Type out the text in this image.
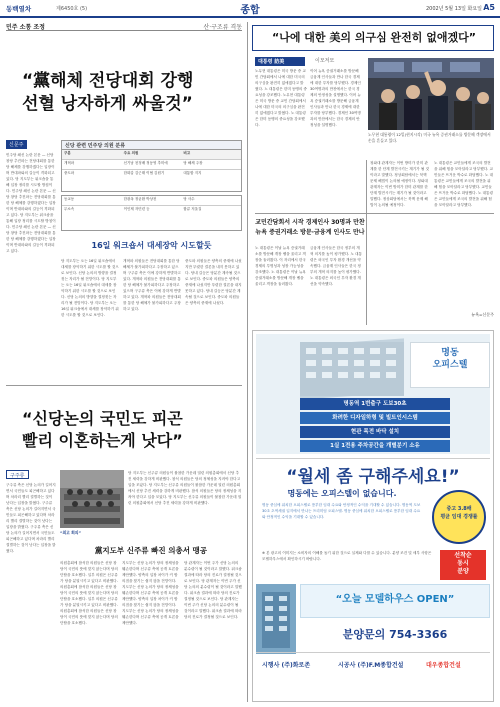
동백열차	제6450호 (5)	종합	2002년 5월 13일 화요일 A5
민주 소통 조정	산·구조류 격동
“黨해체 전당대회 강행
선혈 낭자하게 싸울것”
신문주
민주당 쇄신 논란 본문 — 신당 창당 추진파는 전당대회를 통한 당 해체를 강행하겠다는 입장이며 반대파와의 갈등이 격화되고 있다. 당 지도부는 워크숍을 통해 입장 정리를 시도할 방침이다. 민주당 쇄신 논란 본문 — 신당 창당 추진파는 전당대회를 통한 당 해체를 강행하겠다는 입장이며 반대파와의 갈등이 격화되고 있다. 당 지도부는 워크숍을 통해 입장 정리를 시도할 방침이다. 민주당 쇄신 논란 본문 — 신당 창당 추진파는 전당대회를 통한 당 해체를 강행하겠다는 입장이며 반대파와의 갈등이 격화되고 있다.
신당 관련 민주당 의원 분류
구분	주요 의원	비고
개혁파	신기남 천정배 정동영 추미애	당 해체 주장
중도파	한화갑 김근태 이협 김원기	대통합 지지
동교동	한광옥 정균환 박상천	당 사수
무소속	이인제 자민련 등	합류 저울질
16일 워크숍서 대세장악 시도할듯
당 지도부는 오는 16일 워크숍에서 대세를 장악하기 위한 시도를 할 것으로 보인다. 신당 논의의 방향을 결정짓는 자리가 될 전망이다. 당 지도부는 오는 16일 워크숍에서 대세를 장악하기 위한 시도를 할 것으로 보인다. 신당 논의의 방향을 결정짓는 자리가 될 전망이다. 당 지도부는 오는 16일 워크숍에서 대세를 장악하기 위한 시도를 할 것으로 보인다.
개혁파 의원들은 전당대회를 통한 당 해체가 불가피하다고 주장하고 있으며 구주류 측은 이에 강하게 반발하고 있다. 개혁파 의원들은 전당대회를 통한 당 해체가 불가피하다고 주장하고 있으며 구주류 측은 이에 강하게 반발하고 있다. 개혁파 의원들은 전당대회를 통한 당 해체가 불가피하다고 주장하고 있다.
중도파 의원들은 양측의 중재에 나섰지만 뚜렷한 결론을 내지 못하고 있다. 당내 갈등은 당분간 계속될 것으로 보인다. 중도파 의원들은 양측의 중재에 나섰지만 뚜렷한 결론을 내지 못하고 있다. 당내 갈등은 당분간 계속될 것으로 보인다. 중도파 의원들은 양측의 중재에 나섰다.
“신당논의 국민도 피곤
빨리 이혼하는게 낫다”
구주류
구주류 측은 신당 논의가 길어지면서 국민들도 피곤해하고 있다며 차라리 빨리 결별하는 것이 낫다는 입장을 밝혔다. 구주류 측은 신당 논의가 길어지면서 국민들도 피곤해하고 있다며 차라리 빨리 결별하는 것이 낫다는 입장을 밝혔다. 구주류 측은 신당 논의가 길어지면서 국민들도 피곤해하고 있다며 차라리 빨리 결별하는 것이 낫다는 입장을 밝혔다.
“최고 회의”
당 지도부는 신주류 의원들이 불참한 가운데 열린 의원총회에서 신당 추진 세력을 강하게 비판했다. 참석 의원들은 당의 정체성을 지켜야 한다고 입을 모았다. 당 지도부는 신주류 의원들이 불참한 가운데 열린 의원총회에서 신당 추진 세력을 강하게 비판했다. 참석 의원들은 당의 정체성을 지켜야 한다고 입을 모았다. 당 지도부는 신주류 의원들이 불참한 가운데 열린 의원총회에서 신당 추진 세력을 강하게 비판했다.
黨지도부 신주류 빠진 의총서 맹공
의원총회에 참석한 의원들은 신당 창당이 국민의 뜻에 맞지 않는다며 당의 단합을 호소했다. 일부 의원은 신주류가 당을 분열시키고 있다고 비판했다. 의원총회에 참석한 의원들은 신당 창당이 국민의 뜻에 맞지 않는다며 당의 단합을 호소했다. 일부 의원은 신주류가 당을 분열시키고 있다고 비판했다. 의원총회에 참석한 의원들은 신당 창당이 국민의 뜻에 맞지 않는다며 당의 단합을 호소했다.
지도부는 신당 논의가 당의 정체성을 훼손한다며 신주류 측에 공개 토론을 제안했다. 양측의 입장 차이가 커 합의점을 찾기는 쉽지 않을 전망이다. 지도부는 신당 논의가 당의 정체성을 훼손한다며 신주류 측에 공개 토론을 제안했다. 양측의 입장 차이가 커 합의점을 찾기는 쉽지 않을 전망이다. 지도부는 신당 논의가 당의 정체성을 훼손한다며 신주류 측에 공개 토론을 제안했다.
당 관계자는 이번 주가 신당 논의의 분수령이 될 것이라고 말했다. 워크숍 결과에 따라 당의 진로가 결정될 것으로 보인다. 당 관계자는 이번 주가 신당 논의의 분수령이 될 것이라고 말했다. 워크숍 결과에 따라 당의 진로가 결정될 것으로 보인다. 당 관계자는 이번 주가 신당 논의의 분수령이 될 것이라고 말했다. 워크숍 결과에 따라 당의 진로가 결정될 것으로 보인다.
“나에 대한 美의 의구심 완전히 없애겠다”
대통령 訪美	이모저모
노무현 대통령은 미국 방문 중 교민 간담회에서 나에 대한 미국의 의구심을 완전히 없애겠다고 밝혔다. 노 대통령은 한미 동맹의 중요성을 강조했다. 노무현 대통령은 미국 방문 중 교민 간담회에서 나에 대한 미국의 의구심을 완전히 없애겠다고 밝혔다. 노 대통령은 한미 동맹의 중요성을 강조했다.
이어 뉴욕 증권거래소를 방문해 금융계 인사들과 만나 한국 경제에 대한 투자를 당부했다. 경제인 30여명과의 만찬에서는 한국 경제의 안정성을 설명했다. 이어 뉴욕 증권거래소를 방문해 금융계 인사들과 만나 한국 경제에 대한 투자를 당부했다. 경제인 30여명과의 만찬에서는 한국 경제의 안정성을 설명했다.
노무현 대통령이 12일(현지시각) 미국 뉴욕 증권거래소를 방문해 객장에서 손을 흔들고 있다.
교민간담회서 시작 경제인사 30명과 만찬
뉴욕 증권거래소 방문·금융계 인사도 만나
노 대통령은 이날 뉴욕 증권거래소를 방문해 개장 벨을 울리고 객장을 둘러봤다. 이 자리에서 한국 경제의 투명성과 성장 가능성을 강조했다. 노 대통령은 이날 뉴욕 증권거래소를 방문해 개장 벨을 울리고 객장을 둘러봤다.
금융계 인사들은 한국 정부의 개혁 의지를 높이 평가했다. 노 대통령은 외국인 투자 환경 개선을 약속했다. 금융계 인사들은 한국 정부의 개혁 의지를 높이 평가했다. 노 대통령은 외국인 투자 환경 개선을 약속했다.
청와대 관계자는 이번 방미가 한미 관계를 한 단계 발전시키는 계기가 될 것이라고 말했다. 정상회담에서는 북핵 문제 해법이 논의될 예정이다. 청와대 관계자는 이번 방미가 한미 관계를 한 단계 발전시키는 계기가 될 것이라고 말했다. 정상회담에서는 북핵 문제 해법이 논의될 예정이다.
노 대통령은 교민들에게 조국의 발전을 위해 힘을 모아달라고 당부했다. 교민들은 뜨거운 박수로 화답했다. 노 대통령은 교민들에게 조국의 발전을 위해 힘을 모아달라고 당부했다. 교민들은 뜨거운 박수로 화답했다. 노 대통령은 교민들에게 조국의 발전을 위해 힘을 모아달라고 당부했다.
뉴욕=신문주
명동
오피스텔
명동역 1번출구 도보30초
화려한 디자일하형 및 빌트인시스템
현관 목전 바닥 설치
1실 1전용 주차공간을 개별분기 소유
“월세 좀 구해주세요!”
명동에는 오피스텔이 없습니다.
명동 중심에 위치한 오피스텔로 풍부한 임대 수요와 안정적인 수익을 기대할 수 있습니다. 명동역 도보 30초 초역세권 입지에서 만나는 프리미엄 오피스텔. 명동 중심에 위치한 오피스텔로 풍부한 임대 수요와 안정적인 수익을 기대할 수 있습니다.
중고 3.8배
평균 임대 경쟁률
선착순
동시
분양
※ 본 광고의 이미지는 소비자의 이해를 돕기 위한 것으로 실제와 다를 수 있습니다. 분양 조건 및 세부 사항은 모델하우스에서 확인하시기 바랍니다.
“오늘 모델하우스 OPEN”
분양문의 754-3366
시행사 (주)화로존	시공사 (주)F.M종합건설	대우종합건설
